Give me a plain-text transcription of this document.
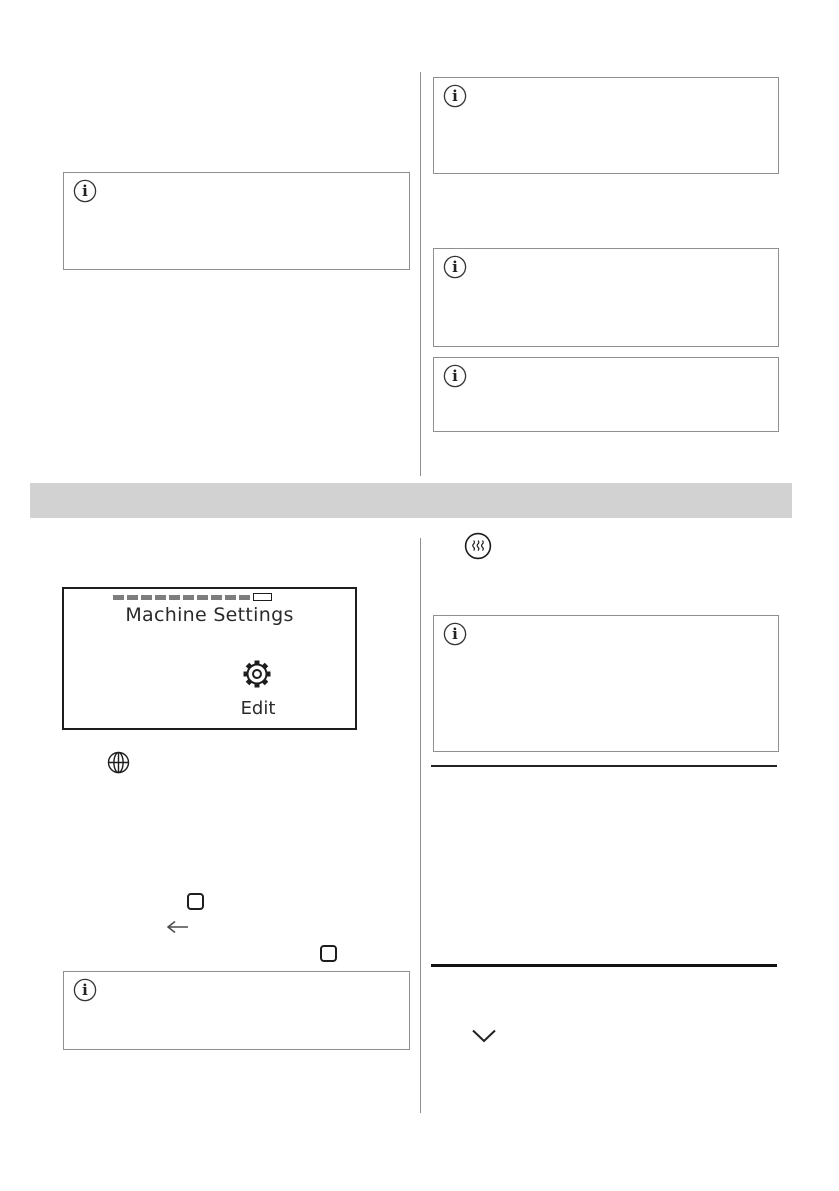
i
i
i
i
i
i
Machine Settings
Edit
